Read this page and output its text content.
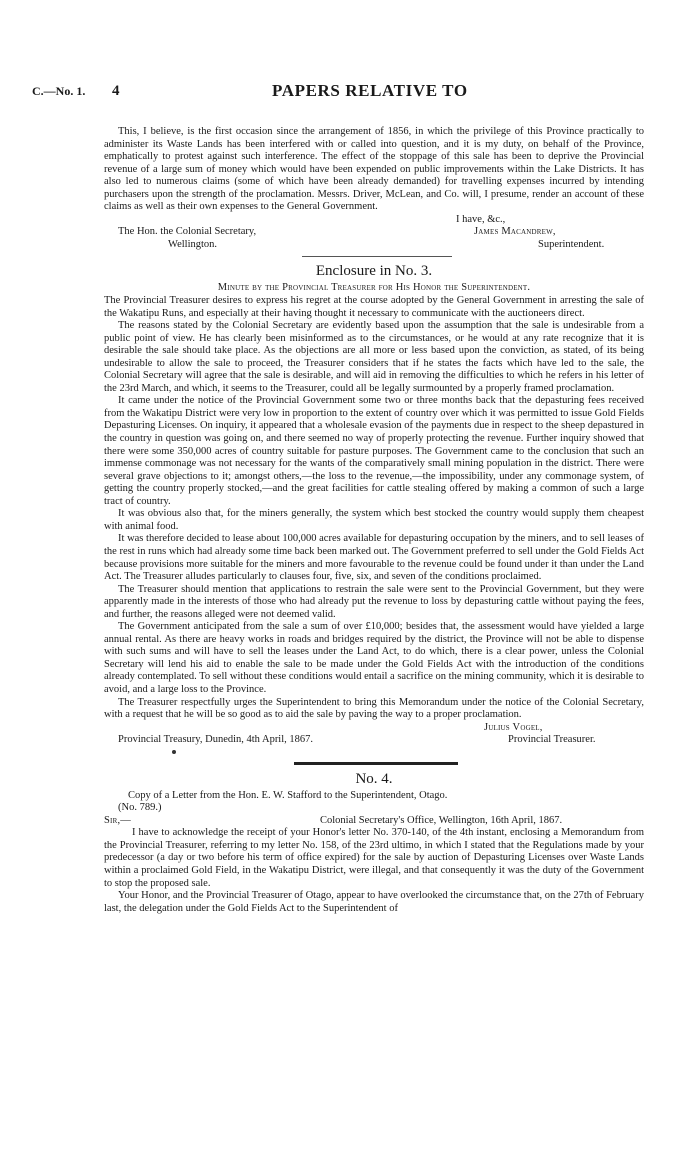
C.—No. 1. 4	PAPERS RELATIVE TO

This, I believe, is the first occasion since the arrangement of 1856, in which the privilege of this Province practically to administer its Waste Lands has been interfered with or called into question, and it is my duty, on behalf of the Province, emphatically to protest against such interference. The effect of the stoppage of this sale has been to deprive the Provincial revenue of a large sum of money which would have been expended on public improvements within the Lake Districts. It has also led to numerous claims (some of which have been already demanded) for travelling expenses incurred by intending purchasers upon the strength of the proclamation. Messrs. Driver, McLean, and Co. will, I presume, render an account of these claims as well as their own expenses to the General Government.

I have, &c.,
The Hon. the Colonial Secretary,	James Macandrew,
Wellington.	Superintendent.
Enclosure in No. 3.
Minute by the Provincial Treasurer for His Honor the Superintendent.

The Provincial Treasurer desires to express his regret at the course adopted by the General Government in arresting the sale of the Wakatipu Runs, and especially at their having thought it necessary to communicate with the auctioneers direct.

The reasons stated by the Colonial Secretary are evidently based upon the assumption that the sale is undesirable from a public point of view. He has clearly been misinformed as to the circumstances, or he would at any rate recognize that it is desirable the sale should take place. As the objections are all more or less based upon the conviction, as stated, of its being undesirable to allow the sale to proceed, the Treasurer considers that if he states the facts which have led to the sale, the Colonial Secretary will agree that the sale is desirable, and will aid in removing the difficulties to which he refers in his letter of the 23rd March, and which, it seems to the Treasurer, could all be legally surmounted by a properly framed proclamation.

It came under the notice of the Provincial Government some two or three months back that the depasturing fees received from the Wakatipu District were very low in proportion to the extent of country over which it was permitted to issue Gold Fields Depasturing Licenses. On inquiry, it appeared that a wholesale evasion of the payments due in respect to the sheep depastured in the country in question was going on, and there seemed no way of properly protecting the revenue. Further inquiry showed that there were some 350,000 acres of country suitable for pasture purposes. The Government came to the conclusion that such an immense commonage was not necessary for the wants of the comparatively small mining population in the district. There were several grave objections to it; amongst others,—the loss to the revenue,—the impossibility, under any commonage system, of getting the country properly stocked,—and the great facilities for cattle stealing offered by making a common of such a large tract of country.

It was obvious also that, for the miners generally, the system which best stocked the country would supply them cheapest with animal food.

It was therefore decided to lease about 100,000 acres available for depasturing occupation by the miners, and to sell leases of the rest in runs which had already some time back been marked out. The Government preferred to sell under the Gold Fields Act because provisions more suitable for the miners and more favourable to the revenue could be found under it than under the Land Act. The Treasurer alludes particularly to clauses four, five, six, and seven of the conditions proclaimed.

The Treasurer should mention that applications to restrain the sale were sent to the Provincial Government, but they were apparently made in the interests of those who had already put the revenue to loss by depasturing cattle without paying the fees, and further, the reasons alleged were not deemed valid.

The Government anticipated from the sale a sum of over £10,000; besides that, the assessment would have yielded a large annual rental. As there are heavy works in roads and bridges required by the district, the Province will not be able to dispense with such sums and will have to sell the leases under the Land Act, to do which, there is a clear power, unless the Colonial Secretary will lend his aid to enable the sale to be made under the Gold Fields Act with the introduction of the conditions already contemplated. To sell without these conditions would entail a sacrifice on the mining community, which it is desirable to avoid, and a large loss to the Province.

The Treasurer respectfully urges the Superintendent to bring this Memorandum under the notice of the Colonial Secretary, with a request that he will be so good as to aid the sale by paving the way to a proper proclamation.

Julius Vogel,
Provincial Treasury, Dunedin, 4th April, 1867.	Provincial Treasurer.
No. 4.
Copy of a Letter from the Hon. E. W. Stafford to the Superintendent, Otago.
(No. 789.)
Sir,—	Colonial Secretary's Office, Wellington, 16th April, 1867.

I have to acknowledge the receipt of your Honor's letter No. 370-140, of the 4th instant, enclosing a Memorandum from the Provincial Treasurer, referring to my letter No. 158, of the 23rd ultimo, in which I stated that the Regulations made by your predecessor (a day or two before his term of office expired) for the sale by auction of Depasturing Licenses over Waste Lands within a proclaimed Gold Field, in the Wakatipu District, were illegal, and that consequently it was the duty of the Government to stop the proposed sale.

Your Honor, and the Provincial Treasurer of Otago, appear to have overlooked the circumstance that, on the 27th of February last, the delegation under the Gold Fields Act to the Superintendent of
